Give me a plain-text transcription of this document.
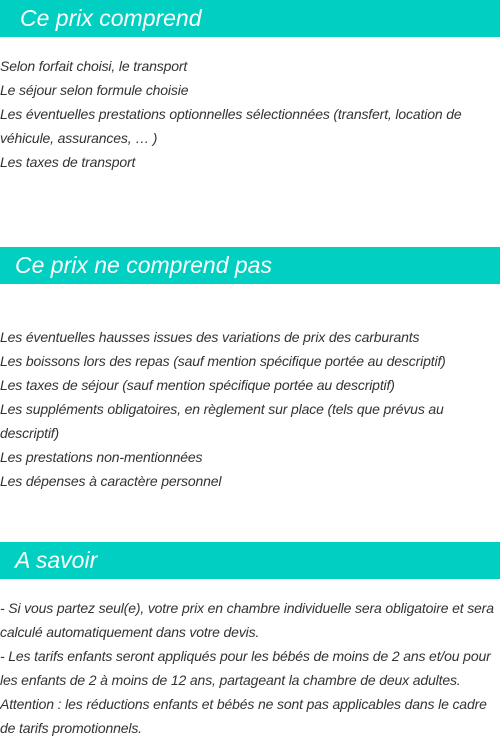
Ce prix comprend

Selon forfait choisi, le transport

Le séjour selon formule choisie

Les éventuelles prestations optionnelles sélectionnées (transfert, location de véhicule, assurances, … )

Les taxes de transport

Ce prix ne comprend pas

Les éventuelles hausses issues des variations de prix des carburants

Les boissons lors des repas (sauf mention spécifique portée au descriptif)

Les taxes de séjour (sauf mention spécifique portée au descriptif)

Les suppléments obligatoires, en règlement sur place (tels que prévus au descriptif)

Les prestations non-mentionnées

Les dépenses à caractère personnel

A savoir

- Si vous partez seul(e), votre prix en chambre individuelle sera obligatoire et sera calculé automatiquement dans votre devis.

- Les tarifs enfants seront appliqués pour les bébés de moins de 2 ans et/ou pour les enfants de 2 à moins de 12 ans, partageant la chambre de deux adultes.

Attention : les réductions enfants et bébés ne sont pas applicables dans le cadre de tarifs promotionnels.
